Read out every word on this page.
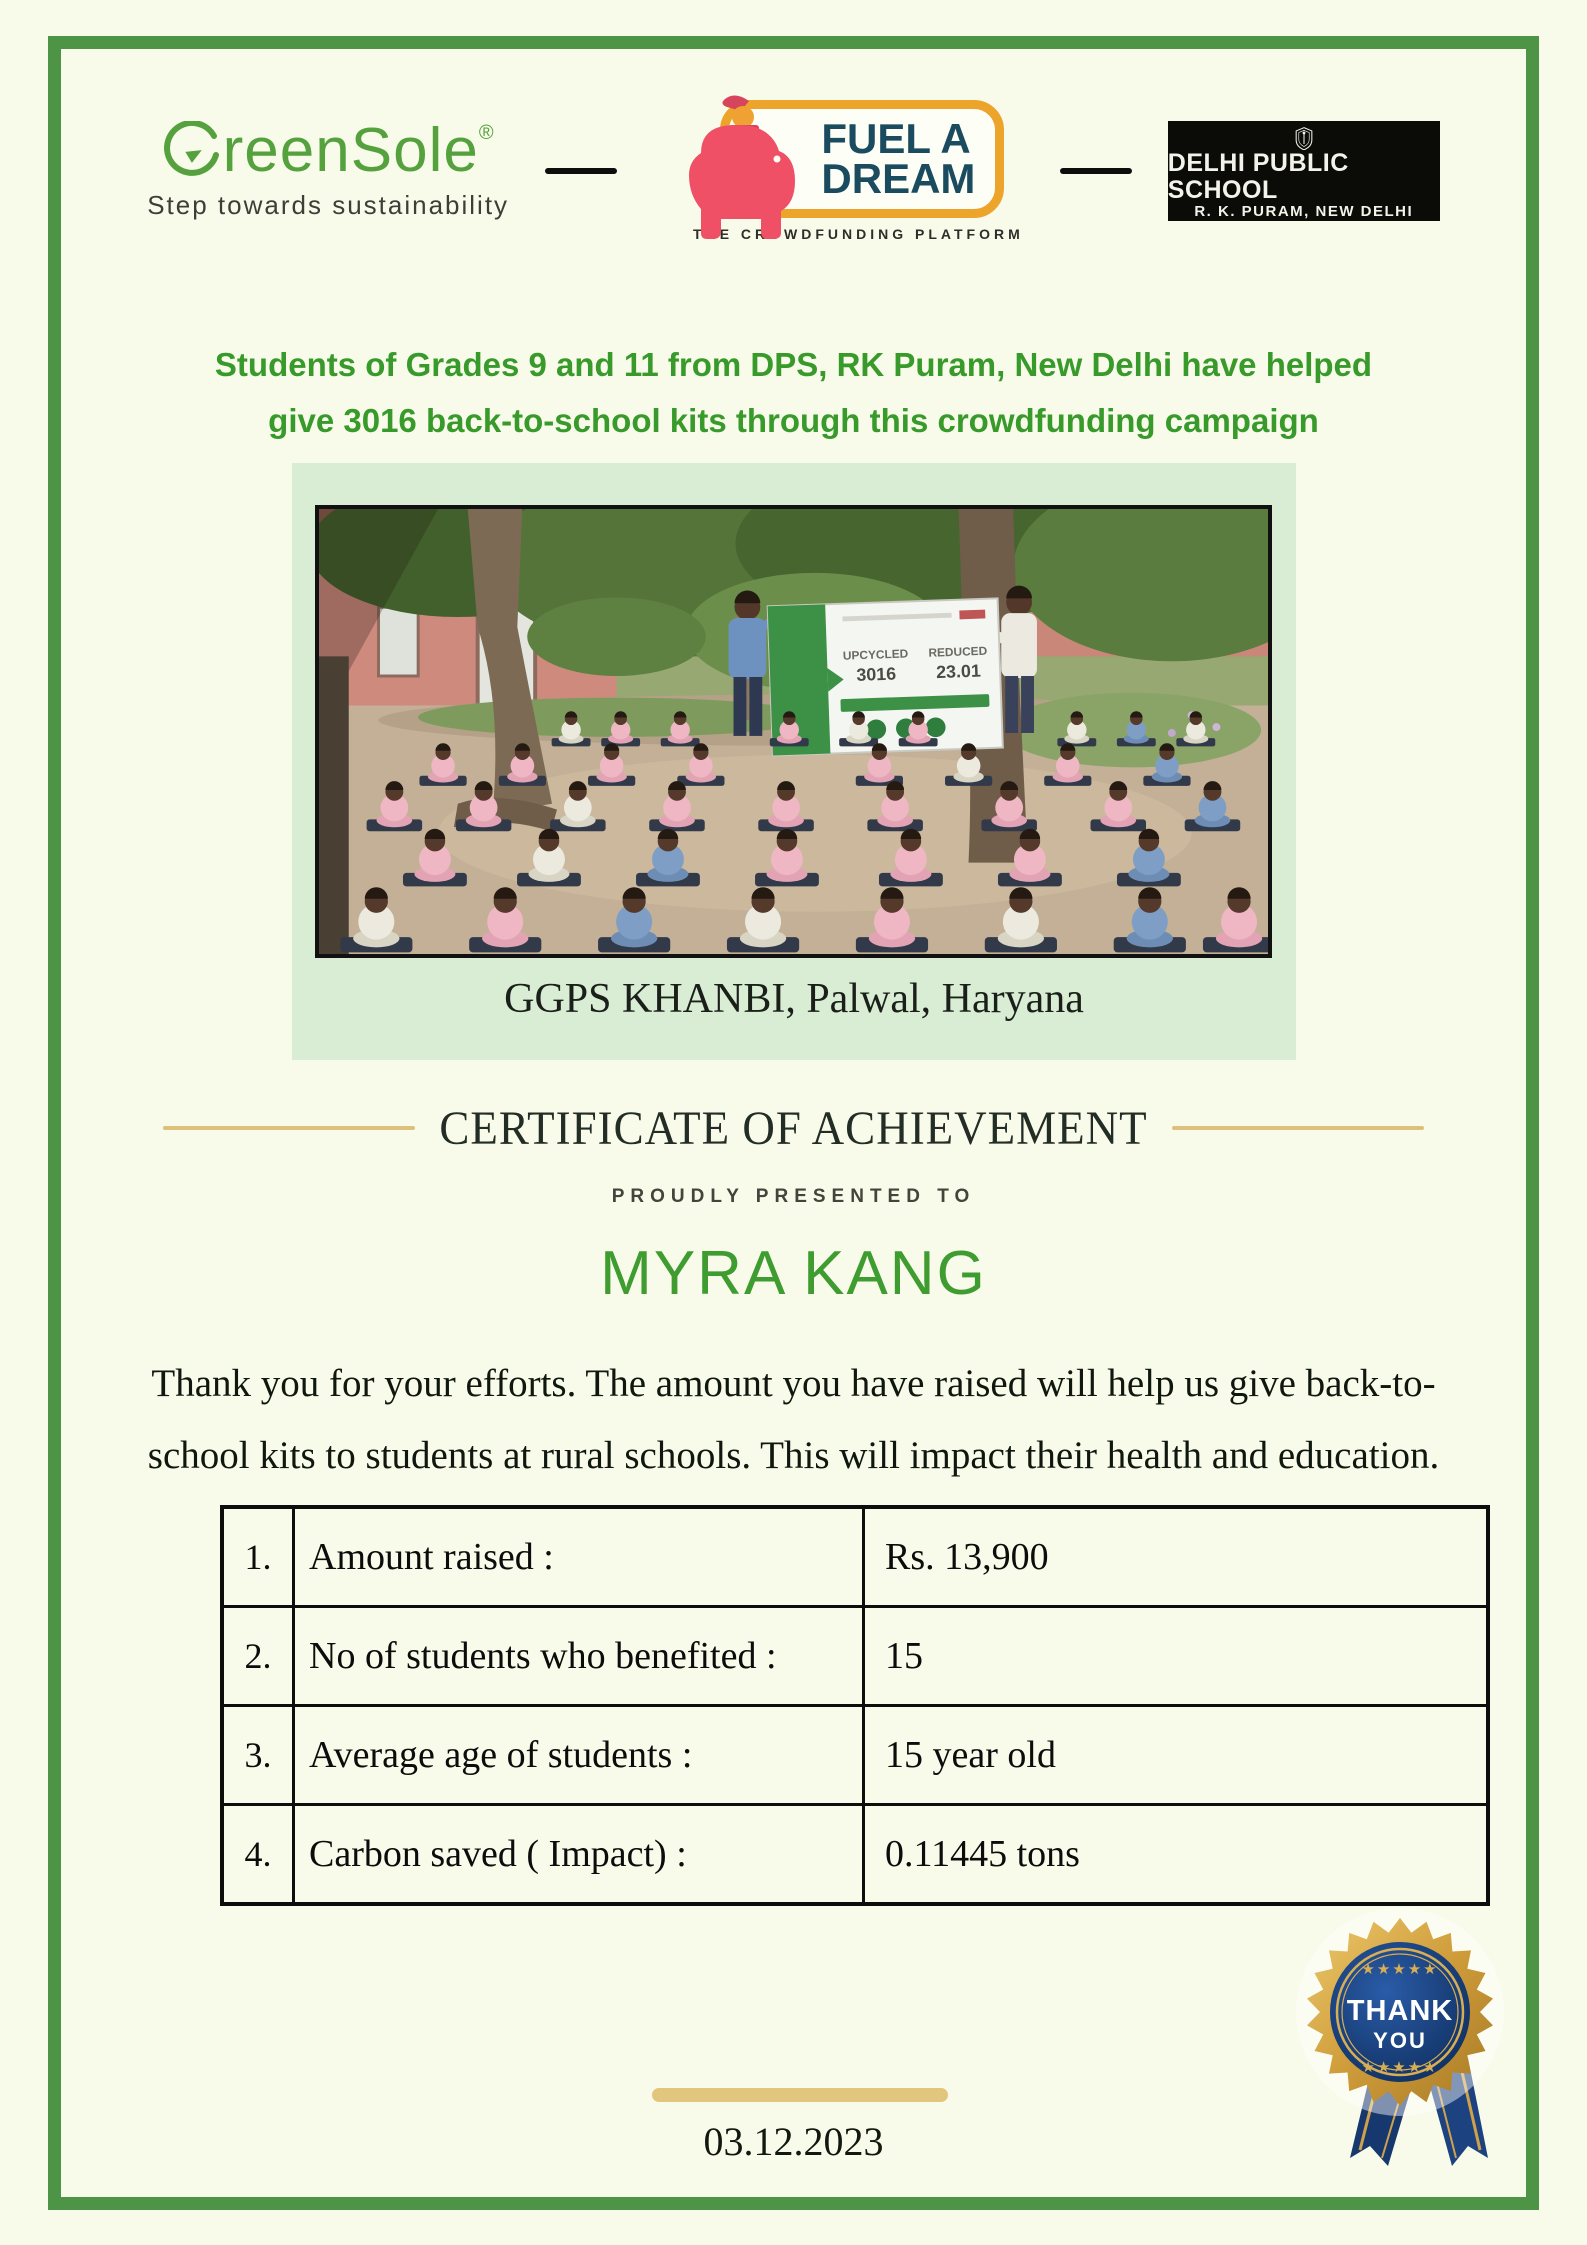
reenSole ®
Step towards sustainability
FUEL A
DREAM
THE CROWDFUNDING PLATFORM
DELHI PUBLIC SCHOOL
R. K. PURAM, NEW DELHI
Students of Grades 9 and 11 from DPS, RK Puram, New Delhi have helped
give 3016 back-to-school kits through this crowdfunding campaign
UPCYCLED
3016
REDUCED
23.01
GGPS KHANBI, Palwal, Haryana
CERTIFICATE OF ACHIEVEMENT
PROUDLY PRESENTED TO
MYRA KANG
Thank you for your efforts. The amount you have raised will help us give back-to-
school kits to students at rural schools. This will impact their health and education.
1.	Amount raised :	Rs. 13,900
2.	No of students who benefited :	15
3.	Average age of students :	15 year old
4.	Carbon saved ( Impact) :	0.11445 tons
★★★★★
THANK
YOU
★★★★★
03.12.2023
